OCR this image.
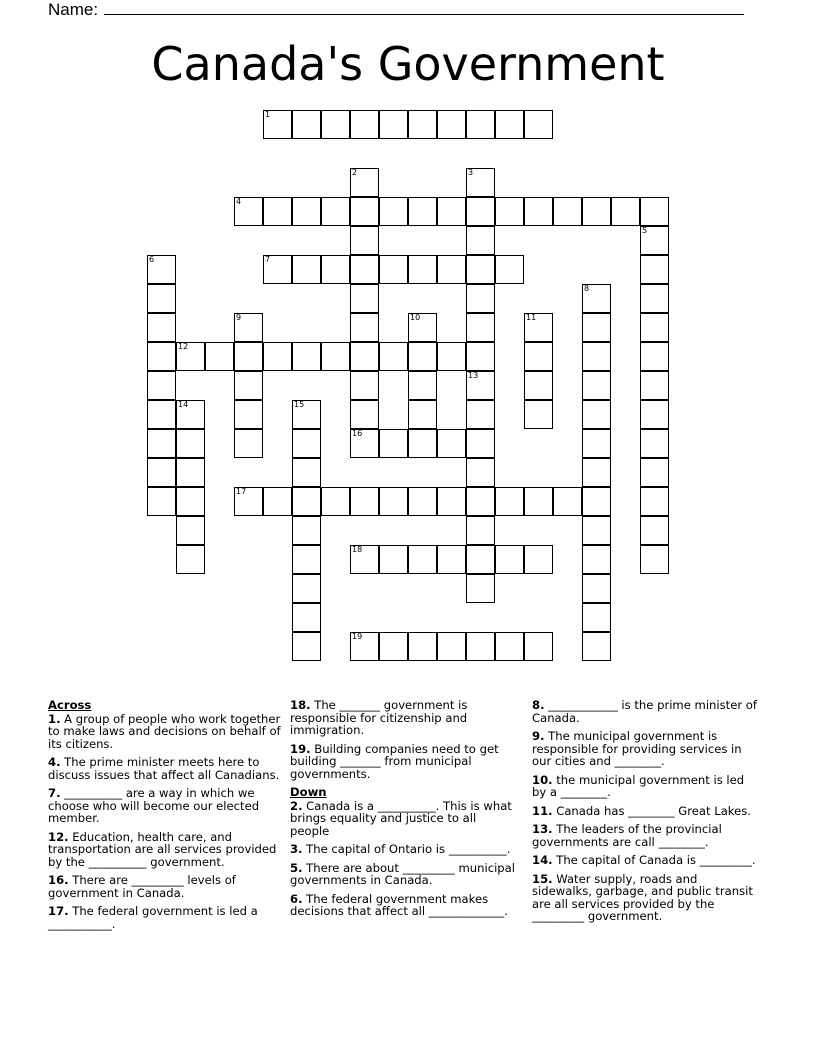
Name:
Canada's Government
1
2
16
3
4
5
6	7
8
9	10	11
12
13
14	15
17
18
19
Across
1. A group of people who work together to make laws and decisions on behalf of its citizens.
4. The prime minister meets here to discuss issues that affect all Canadians.
7. __________ are a way in which we choose who will become our elected member.
12. Education, health care, and transportation are all services provided by the __________ government.
16. There are _________ levels of government in Canada.
17. The federal government is led a ___________.
18. The _______ government is responsible for citizenship and immigration.
19. Building companies need to get building _______ from municipal governments.
Down
2. Canada is a __________. This is what brings equality and justice to all people
3. The capital of Ontario is __________.
5. There are about _________ municipal governments in Canada.
6. The federal government makes decisions that affect all _____________.
8. ____________ is the prime minister of Canada.
9. The municipal government is responsible for providing services in our cities and ________.
10. the municipal government is led by a ________.
11. Canada has ________ Great Lakes.
13. The leaders of the provincial governments are call ________.
14. The capital of Canada is _________.
15. Water supply, roads and sidewalks, garbage, and public transit are all services provided by the _________ government.
